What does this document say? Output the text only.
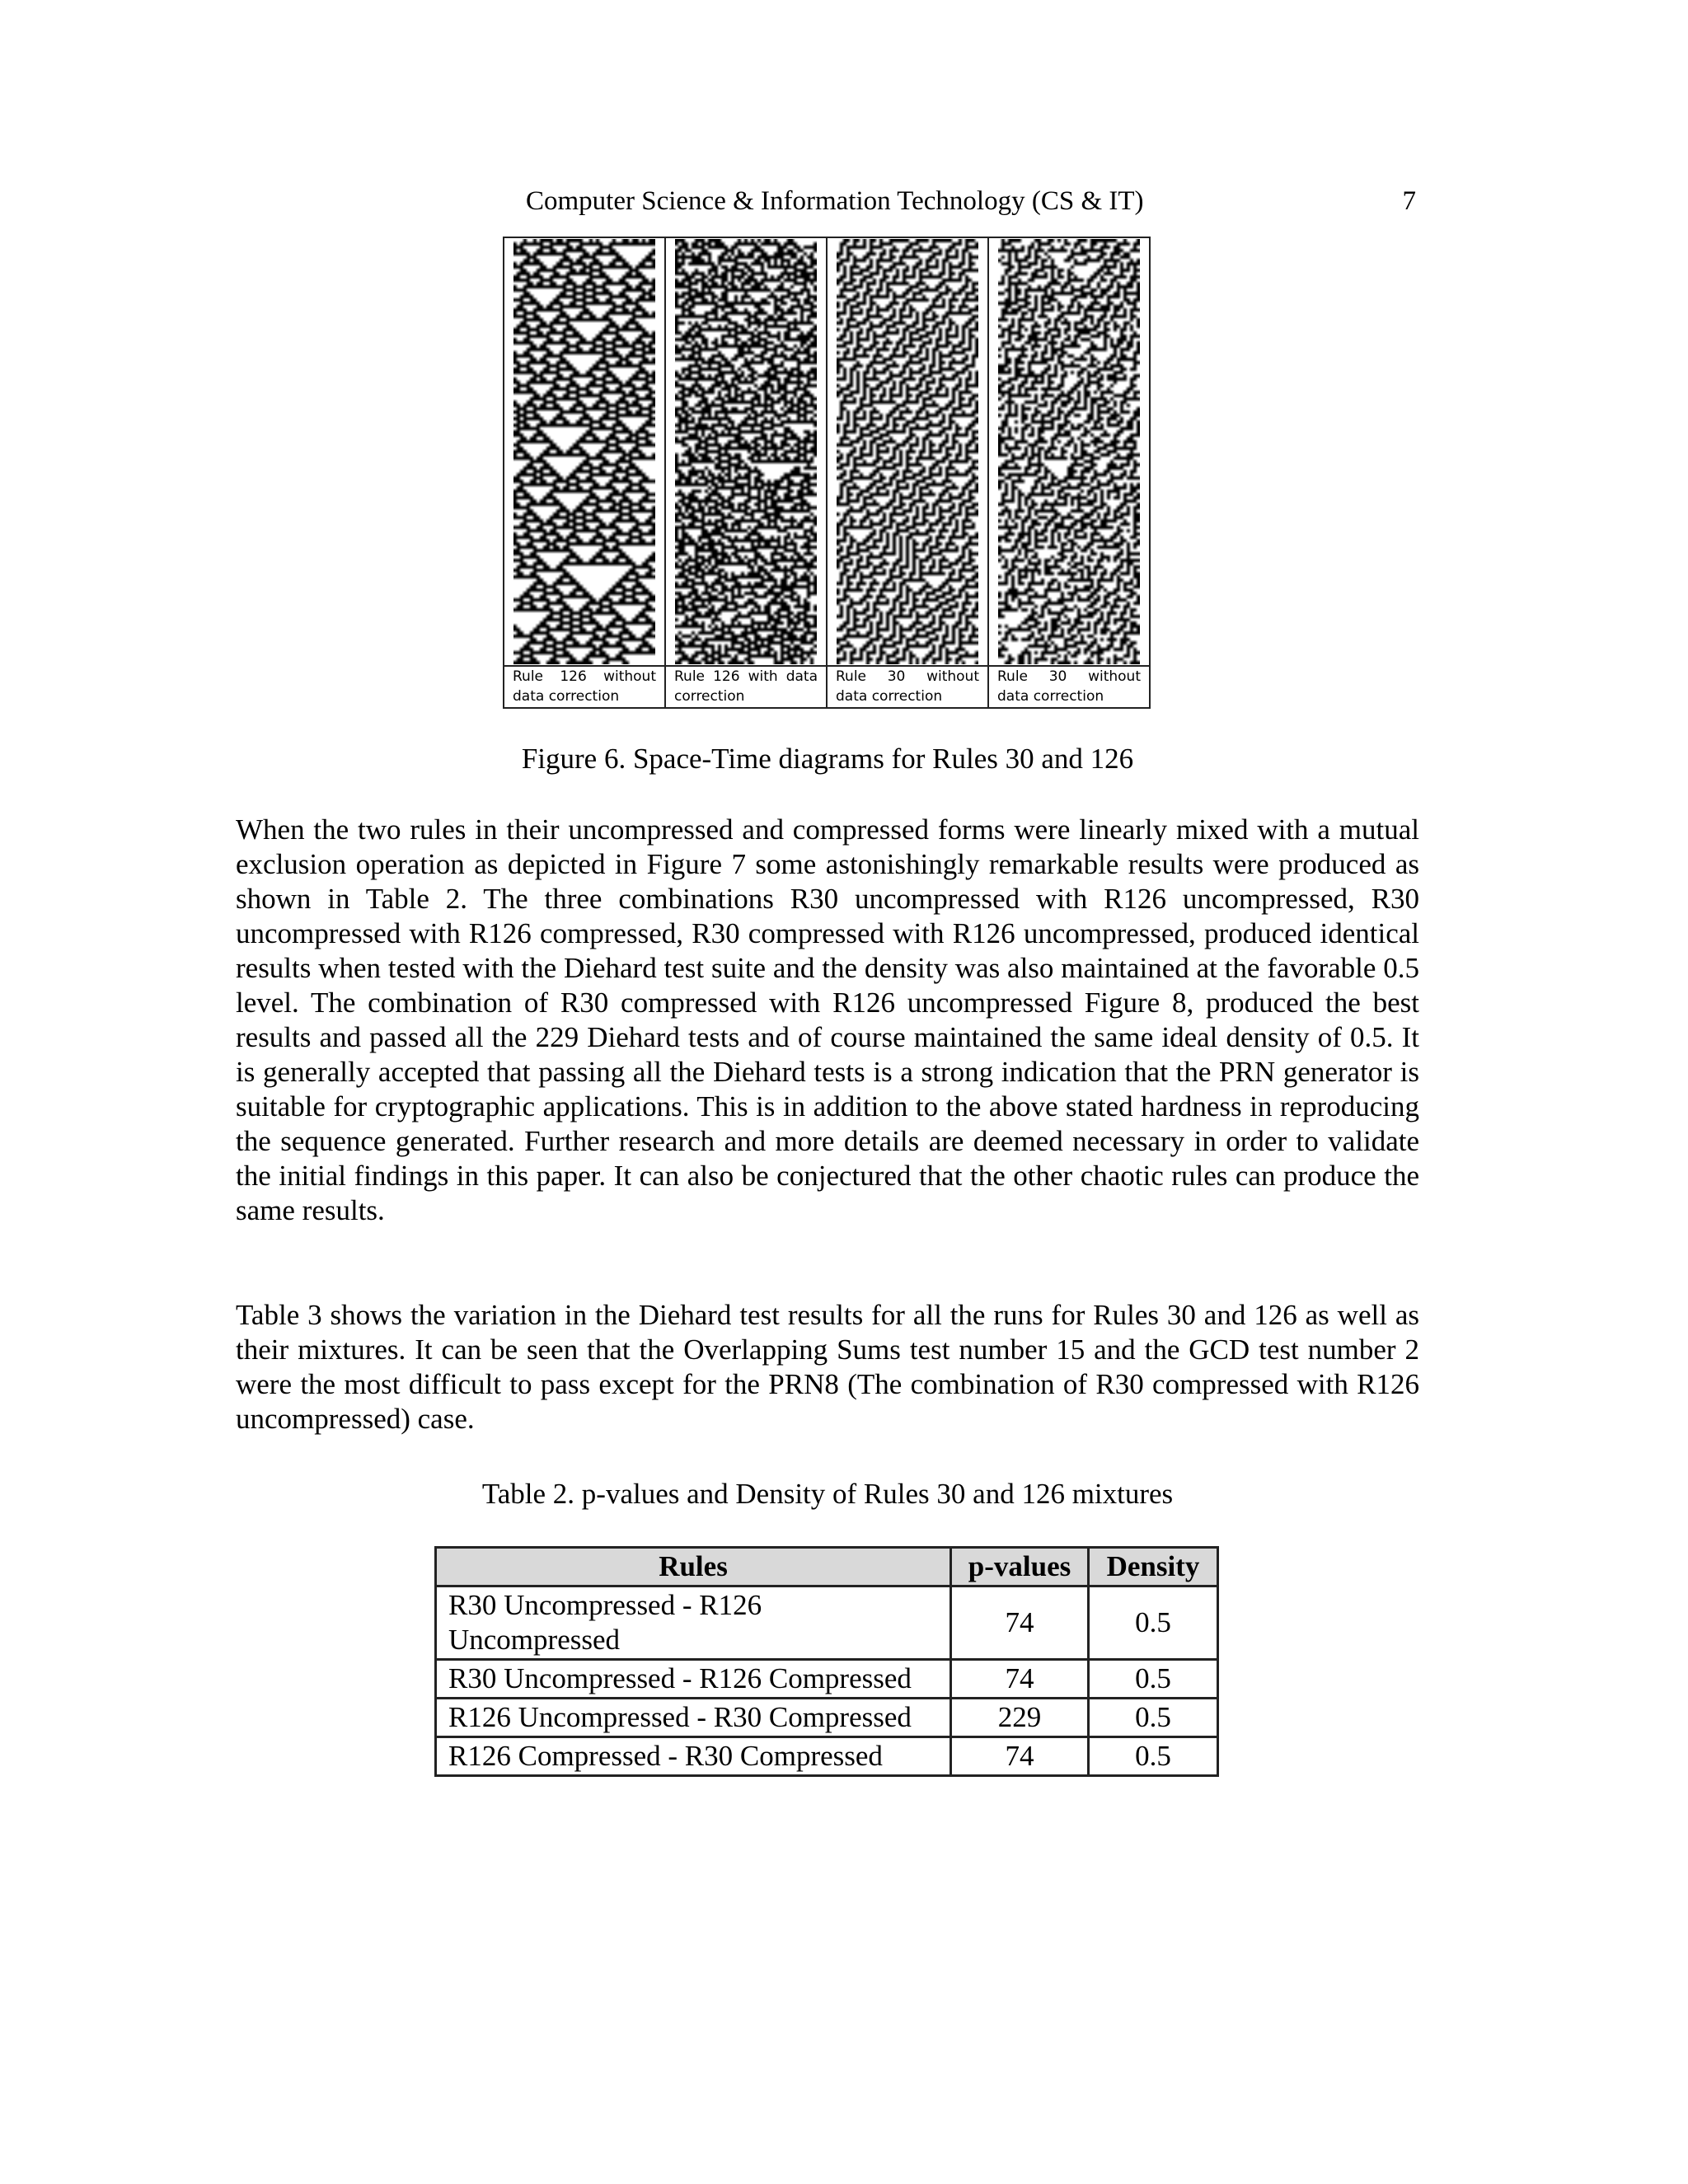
Computer Science & Information Technology (CS & IT)	7
Rule 126 without data correction
Rule 126 with data correction
Rule 30 without data correction
Rule 30 without data correction
Figure 6. Space-Time diagrams for Rules 30 and 126

When the two rules in their uncompressed and compressed forms were linearly mixed with a mutual exclusion operation as depicted in Figure 7 some astonishingly remarkable results were produced as shown in Table 2. The three combinations R30 uncompressed with R126 uncompressed, R30 uncompressed with R126 compressed, R30 compressed with R126 uncompressed, produced identical results when tested with the Diehard test suite and the density was also maintained at the favorable 0.5 level. The combination of R30 compressed with R126 uncompressed Figure 8, produced the best results and passed all the 229 Diehard tests and of course maintained the same ideal density of 0.5. It is generally accepted that passing all the Diehard tests is a strong indication that the PRN generator is suitable for cryptographic applications. This is in addition to the above stated hardness in reproducing the sequence generated. Further research and more details are deemed necessary in order to validate the initial findings in this paper. It can also be conjectured that the other chaotic rules can produce the same results.

Table 3 shows the variation in the Diehard test results for all the runs for Rules 30 and 126 as well as their mixtures. It can be seen that the Overlapping Sums test number 15 and the GCD test number 2 were the most difficult to pass except for the PRN8 (The combination of R30 compressed with R126 uncompressed) case.

Table 2. p-values and Density of Rules 30 and 126 mixtures
Rules	p-values	Density
R30 Uncompressed - R126 Uncompressed	74	0.5
R30 Uncompressed - R126 Compressed	74	0.5
R126 Uncompressed - R30 Compressed	229	0.5
R126 Compressed - R30 Compressed	74	0.5
